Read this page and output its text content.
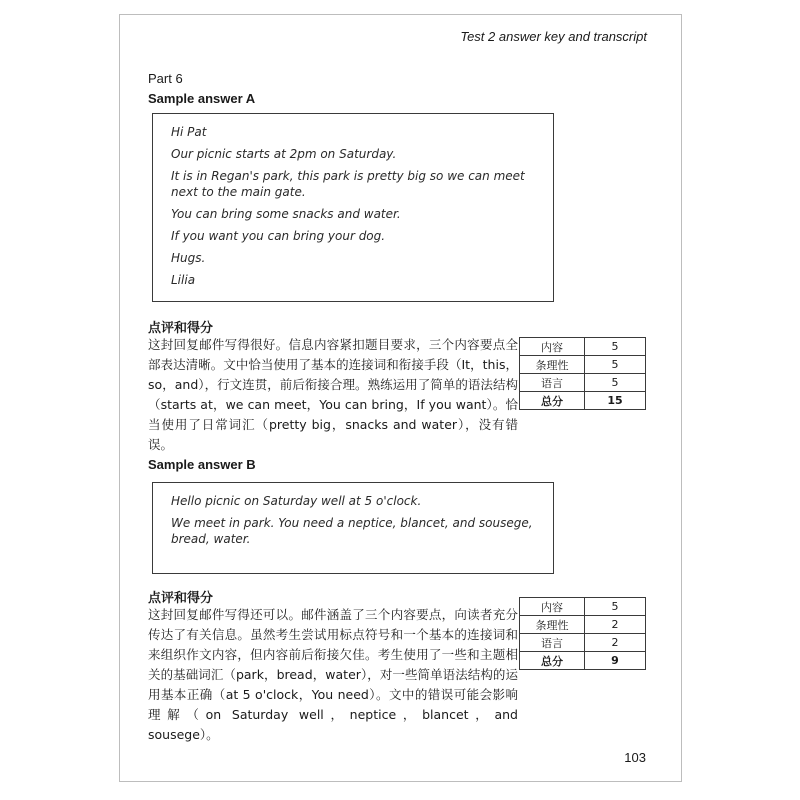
Test 2 answer key and transcript
Part 6
Sample answer A

Hi Pat

Our picnic starts at 2pm on Saturday.

It is in Regan's park, this park is pretty big so we can meet next to the main gate.

You can bring some snacks and water.

If you want you can bring your dog.

Hugs.

Lilia

点评和得分
这封回复邮件写得很好。信息内容紧扣题目要求，三个内容要点全部表达清晰。文中恰当使用了基本的连接词和衔接手段（It，this，so，and），行文连贯，前后衔接合理。熟练运用了简单的语法结构（starts at，we can meet，You can bring，If you want）。恰当使用了日常词汇（pretty big，snacks and water），没有错误。
内容	5
条理性	5
语言	5
总分	15
Sample answer B

Hello picnic on Saturday well at 5 o'clock.

We meet in park. You need a neptice, blancet, and sousege, bread, water.

点评和得分
这封回复邮件写得还可以。邮件涵盖了三个内容要点，向读者充分传达了有关信息。虽然考生尝试用标点符号和一个基本的连接词和来组织作文内容，但内容前后衔接欠佳。考生使用了一些和主题相关的基础词汇（park，bread，water），对一些简单语法结构的运用基本正确（at 5 o'clock，You need）。文中的错误可能会影响理解（on Saturday well，neptice，blancet，and sousege）。
内容	5
条理性	2
语言	2
总分	9
103
